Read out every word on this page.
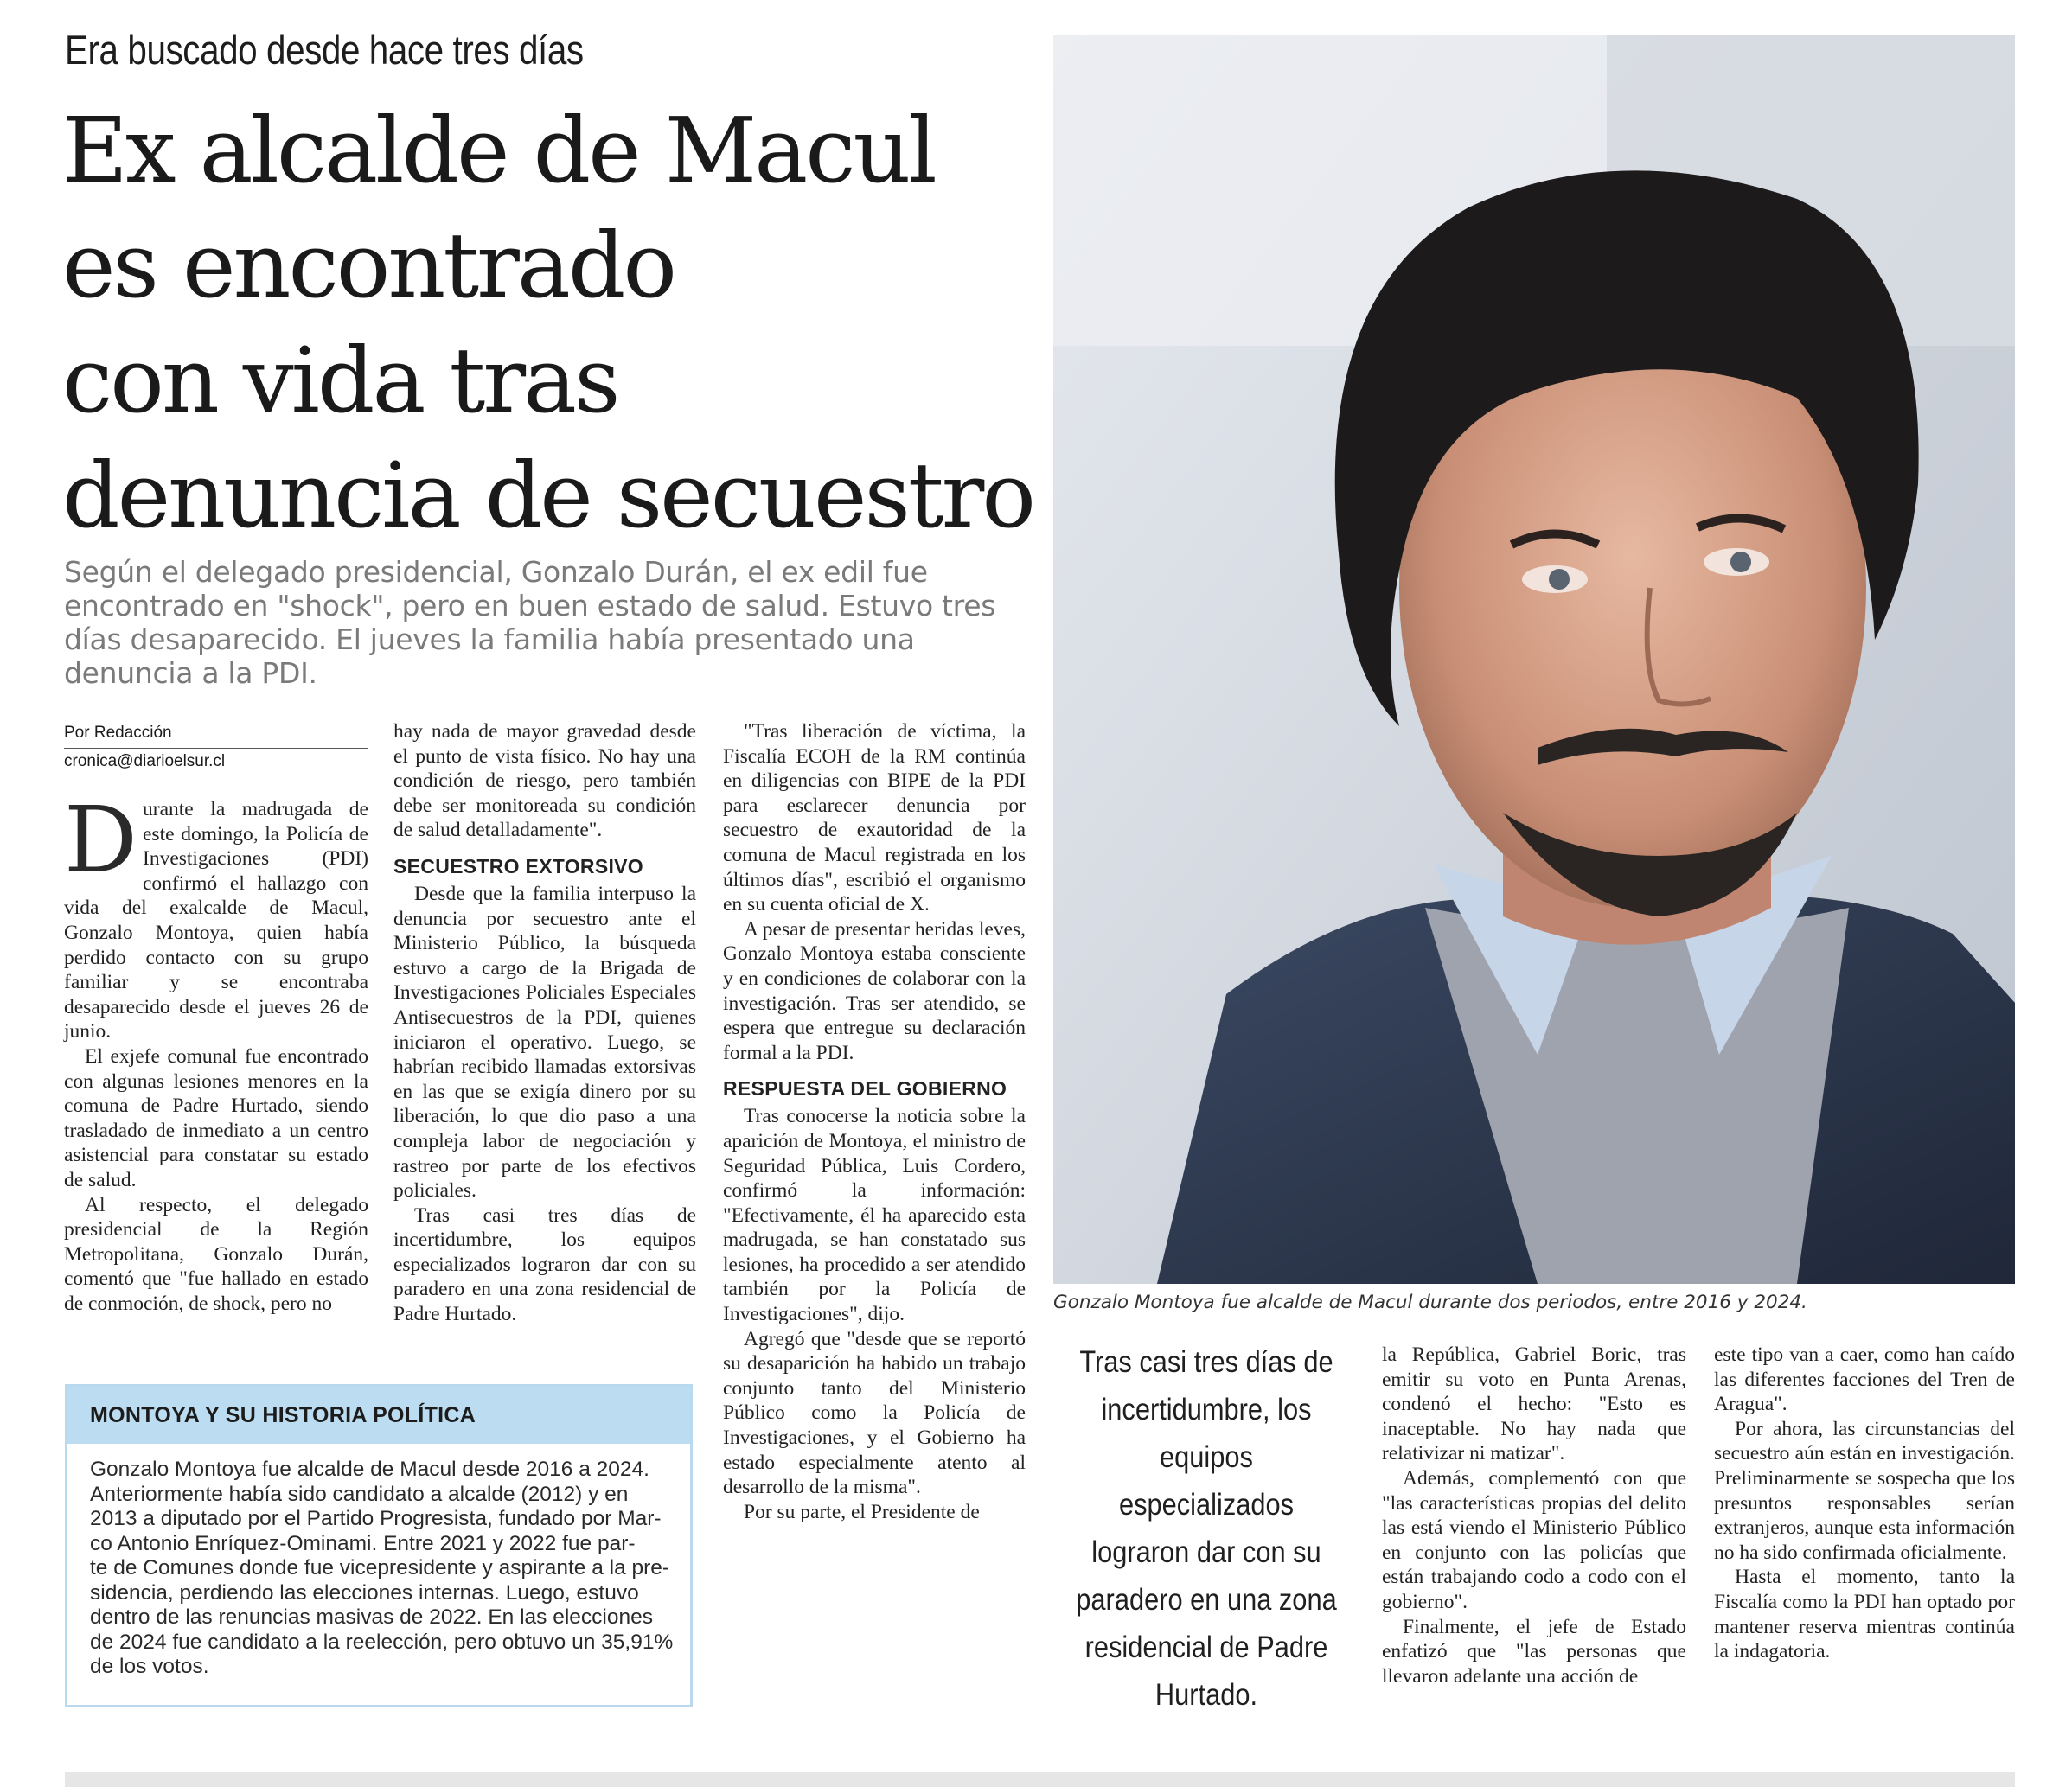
Era buscado desde hace tres días
Ex alcalde de Macul
es encontrado
con vida tras
denuncia de secuestro
Según el delegado presidencial, Gonzalo Durán, el ex edil fue
encontrado en "shock", pero en buen estado de salud. Estuvo tres
días desaparecido. El jueves la familia había presentado una
denuncia a la PDI.
Por Redacción
cronica@diarioelsur.cl

Durante la madrugada de este domingo, la Policía de Investigaciones (PDI) confirmó el hallazgo con vida del exalcalde de Macul, Gonzalo Montoya, quien había perdido contacto con su grupo familiar y se encontraba desaparecido desde el jueves 26 de junio.

El exjefe comunal fue encontrado con algunas lesiones menores en la comuna de Padre Hurtado, siendo trasladado de inmediato a un centro asistencial para constatar su estado de salud.

Al respecto, el delegado presidencial de la Región Metropolitana, Gonzalo Durán, comentó que "fue hallado en estado de conmoción, de shock, pero no

hay nada de mayor gravedad desde el punto de vista físico. No hay una condición de riesgo, pero también debe ser monitoreada su condición de salud detalladamente".

SECUESTRO EXTORSIVO

Desde que la familia interpuso la denuncia por secuestro ante el Ministerio Público, la búsqueda estuvo a cargo de la Brigada de Investigaciones Policiales Especiales Antisecuestros de la PDI, quienes iniciaron el operativo. Luego, se habrían recibido llamadas extorsivas en las que se exigía dinero por su liberación, lo que dio paso a una compleja labor de negociación y rastreo por parte de los efectivos policiales.

Tras casi tres días de incertidumbre, los equipos especializados lograron dar con su paradero en una zona residencial de Padre Hurtado.

"Tras liberación de víctima, la Fiscalía ECOH de la RM continúa en diligencias con BIPE de la PDI para esclarecer denuncia por secuestro de exautoridad de la comuna de Macul registrada en los últimos días", escribió el organismo en su cuenta oficial de X.

A pesar de presentar heridas leves, Gonzalo Montoya estaba consciente y en condiciones de colaborar con la investigación. Tras ser atendido, se espera que entregue su declaración formal a la PDI.

RESPUESTA DEL GOBIERNO

Tras conocerse la noticia sobre la aparición de Montoya, el ministro de Seguridad Pública, Luis Cordero, confirmó la información: "Efectivamente, él ha aparecido esta madrugada, se han constatado sus lesiones, ha procedido a ser atendido también por la Policía de Investigaciones", dijo.

Agregó que "desde que se reportó su desaparición ha habido un trabajo conjunto tanto del Ministerio Público como la Policía de Investigaciones, y el Gobierno ha estado especialmente atento al desarrollo de la misma".

Por su parte, el Presidente de

Gonzalo Montoya fue alcalde de Macul durante dos periodos, entre 2016 y 2024.
Tras casi tres días de incertidumbre, los equipos especializados lograron dar con su paradero en una zona residencial de Padre Hurtado.

la República, Gabriel Boric, tras emitir su voto en Punta Arenas, condenó el hecho: "Esto es inaceptable. No hay nada que relativizar ni matizar".

Además, complementó con que "las características propias del delito las está viendo el Ministerio Público en conjunto con las policías que están trabajando codo a codo con el gobierno".

Finalmente, el jefe de Estado enfatizó que "las personas que llevaron adelante una acción de

este tipo van a caer, como han caído las diferentes facciones del Tren de Aragua".

Por ahora, las circunstancias del secuestro aún están en investigación. Preliminarmente se sospecha que los presuntos responsables serían extranjeros, aunque esta información no ha sido confirmada oficialmente.

Hasta el momento, tanto la Fiscalía como la PDI han optado por mantener reserva mientras continúa la indagatoria.

MONTOYA Y SU HISTORIA POLÍTICA
Gonzalo Montoya fue alcalde de Macul desde 2016 a 2024.
Anteriormente había sido candidato a alcalde (2012) y en
2013 a diputado por el Partido Progresista, fundado por Mar-
co Antonio Enríquez-Ominami. Entre 2021 y 2022 fue par-
te de Comunes donde fue vicepresidente y aspirante a la pre-
sidencia, perdiendo las elecciones internas. Luego, estuvo
dentro de las renuncias masivas de 2022. En las elecciones
de 2024 fue candidato a la reelección, pero obtuvo un 35,91%
de los votos.
